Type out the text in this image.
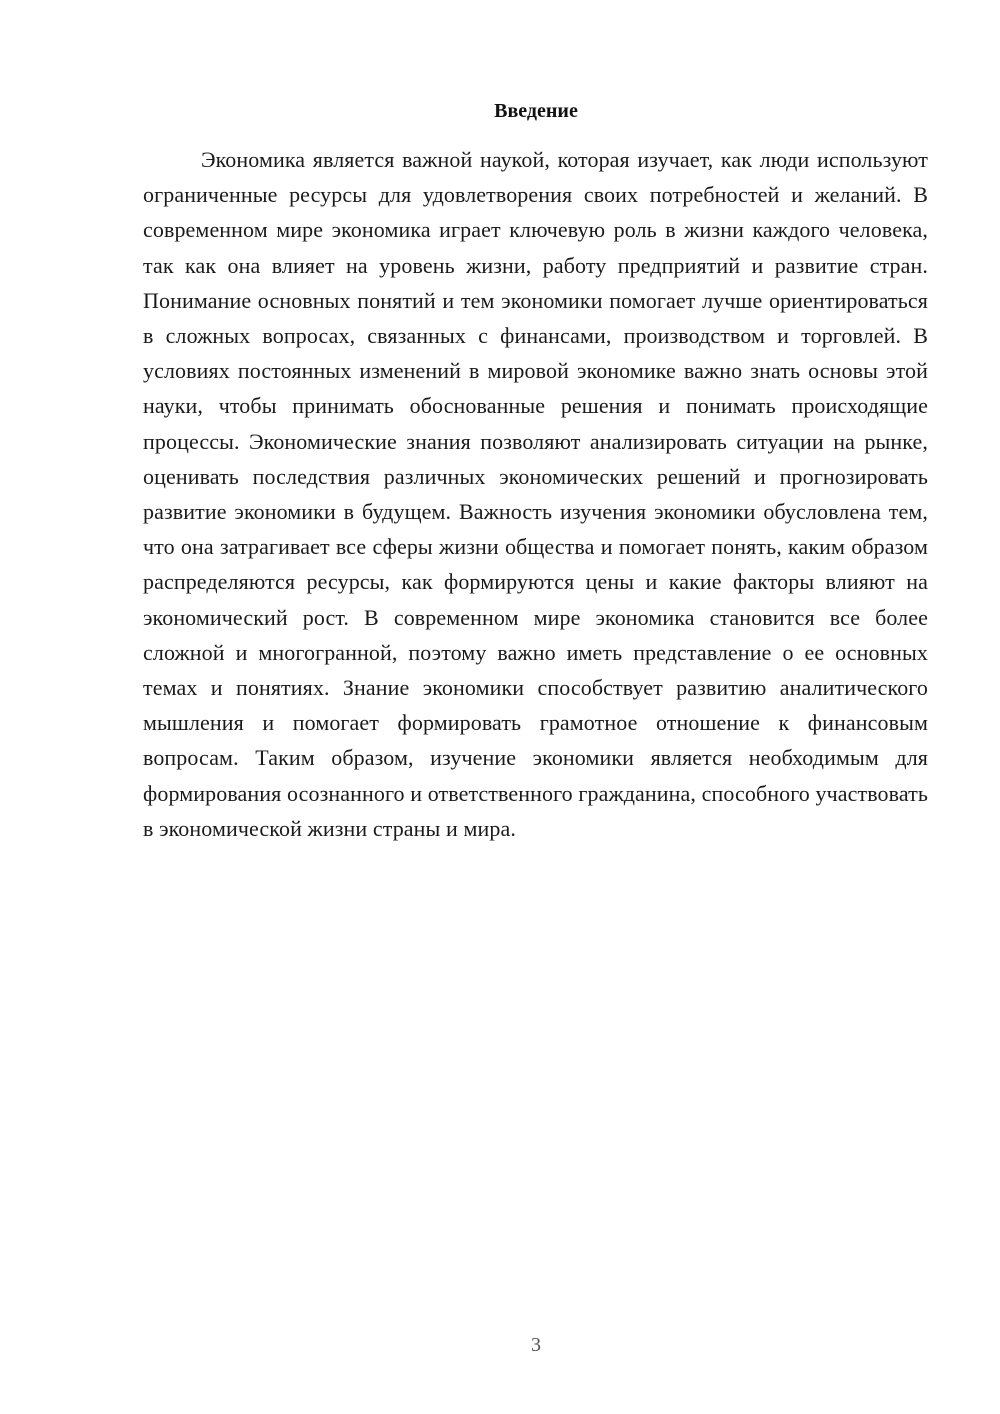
Введение

Экономика является важной наукой, которая изучает, как люди используют ограниченные ресурсы для удовлетворения своих потребностей и желаний. В современном мире экономика играет ключевую роль в жизни каждого человека, так как она влияет на уровень жизни, работу предприятий и развитие стран. Понимание основных понятий и тем экономики помогает лучше ориентироваться в сложных вопросах, связанных с финансами, производством и торговлей. В условиях постоянных изменений в мировой экономике важно знать основы этой науки, чтобы принимать обоснованные решения и понимать происходящие процессы. Экономические знания позволяют анализировать ситуации на рынке, оценивать последствия различных экономических решений и прогнозировать развитие экономики в будущем. Важность изучения экономики обусловлена тем, что она затрагивает все сферы жизни общества и помогает понять, каким образом распределяются ресурсы, как формируются цены и какие факторы влияют на экономический рост. В современном мире экономика становится все более сложной и многогранной, поэтому важно иметь представление о ее основных темах и понятиях. Знание экономики способствует развитию аналитического мышления и помогает формировать грамотное отношение к финансовым вопросам. Таким образом, изучение экономики является необходимым для формирования осознанного и ответственного гражданина, способного участвовать в экономической жизни страны и мира.

3
